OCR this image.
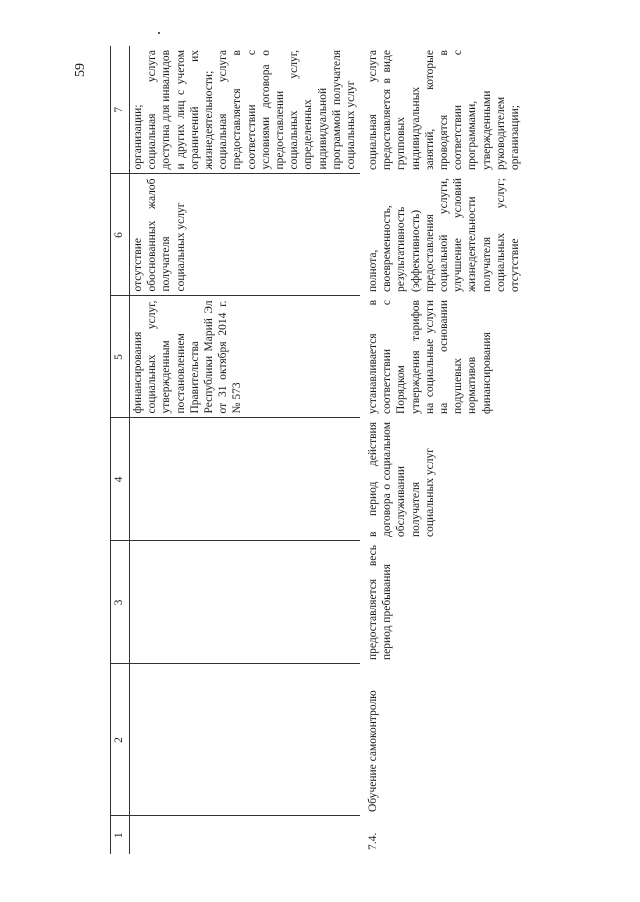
59
1	2	3	4	5	6	7
				финансирования социальных услуг, утвержденным постановлением Правительства Республики Марий Эл от 31 октября 2014 г. № 573	отсутствие обоснованных жалоб получателя социальных услуг	организации; социальная услуга доступна для инвалидов и других лиц с учетом ограничений их жизнедеятельности; социальная услуга предоставляется в соответствии с условиями договора о предоставлении социальных услуг, определенных индивидуальной программой получателя социальных услуг
7.4.	Обучение самоконтролю	предоставляется весь период пребывания	в период действия договора о социальном обслуживании получателя социальных услуг	устанавливается в соответствии с Порядком утверждения тарифов на социальные услуги на основании подушевых нормативов финансирования	полнота, своевременность, результативность (эффективность) предоставления социальной услуги, улучшение условий жизнедеятельности получателя социальных услуг; отсутствие	социальная услуга предоставляется в виде групповых индивидуальных занятий, которые проводятся в соответствии с программами, утвержденными руководителем организации;
